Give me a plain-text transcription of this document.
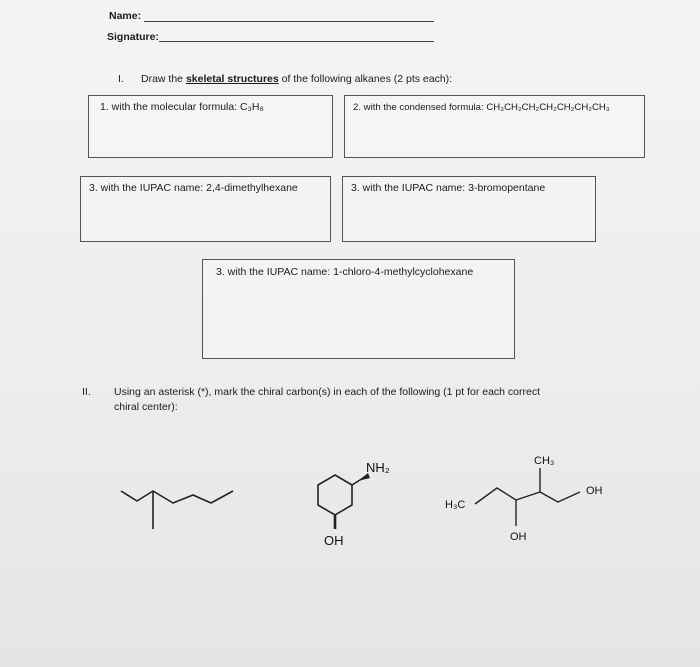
Name:
Signature:
I. Draw the skeletal structures of the following alkanes (2 pts each):
1. with the molecular formula: C₃H₈	2. with the condensed formula: CH₃CH₂CH₂CH₂CH₂CH₂CH₃
3. with the IUPAC name: 2,4-dimethylhexane	3. with the IUPAC name: 3-bromopentane
3. with the IUPAC name: 1-chloro-4-methylcyclohexane
II. Using an asterisk (*), mark the chiral carbon(s) in each of the following (1 pt for each correct
chiral center):
NH₂
OH
CH₃
OH
H₃C
OH
